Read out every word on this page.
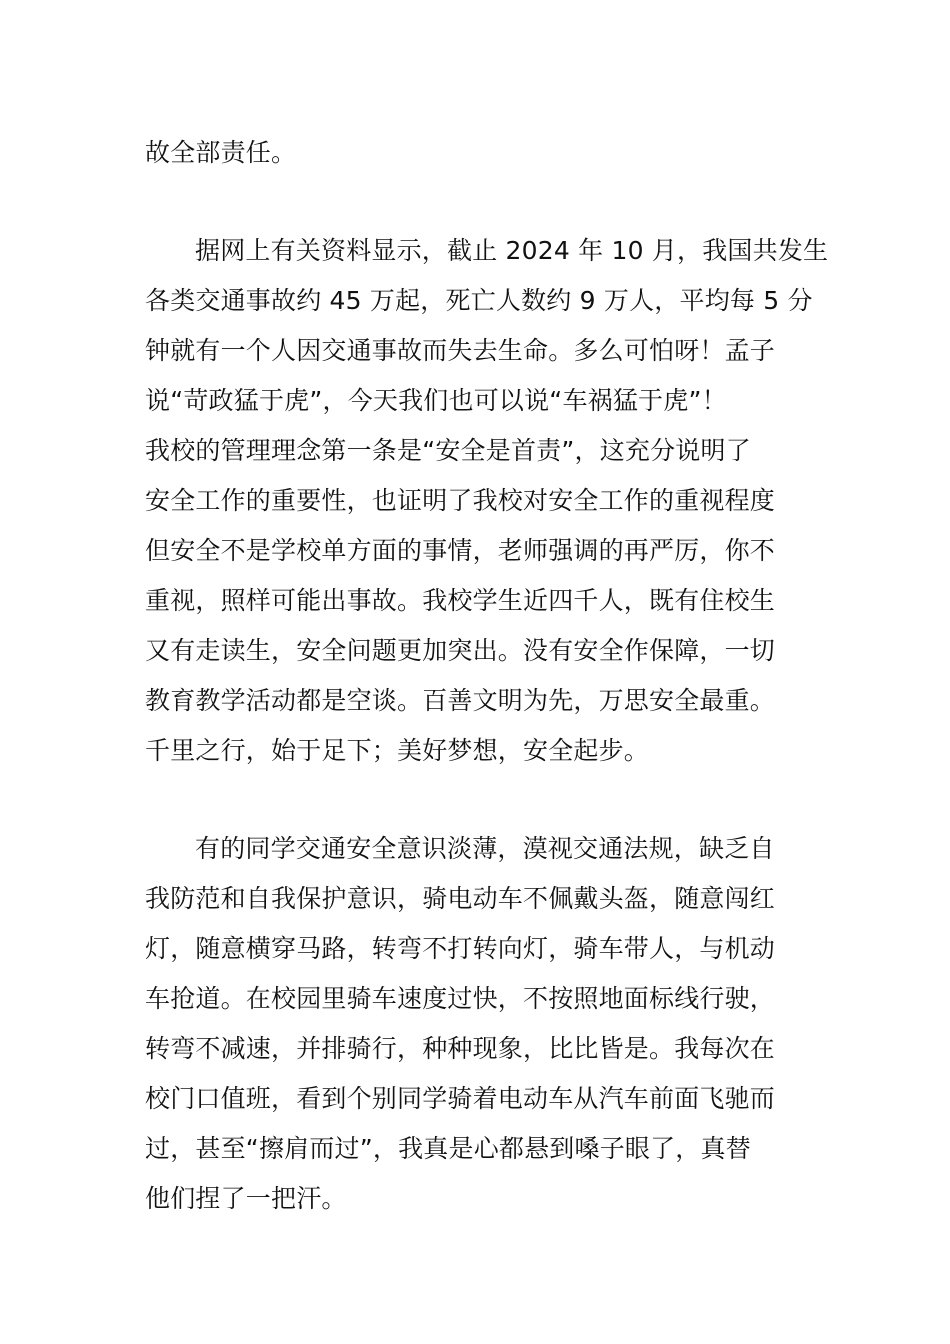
故全部责任。
据网上有关资料显示，截止 2024 年 10 月，我国共发生
各类交通事故约 45 万起，死亡人数约 9 万人，平均每 5 分
钟就有一个人因交通事故而失去生命。多么可怕呀！孟子
说“苛政猛于虎”，今天我们也可以说“车祸猛于虎”！
我校的管理理念第一条是“安全是首责”，这充分说明了
安全工作的重要性，也证明了我校对安全工作的重视程度
但安全不是学校单方面的事情，老师强调的再严厉，你不
重视，照样可能出事故。我校学生近四千人，既有住校生
又有走读生，安全问题更加突出。没有安全作保障，一切
教育教学活动都是空谈。百善文明为先，万思安全最重。
千里之行，始于足下；美好梦想，安全起步。
有的同学交通安全意识淡薄，漠视交通法规，缺乏自
我防范和自我保护意识，骑电动车不佩戴头盔，随意闯红
灯，随意横穿马路，转弯不打转向灯，骑车带人，与机动
车抢道。在校园里骑车速度过快，不按照地面标线行驶，
转弯不减速，并排骑行，种种现象，比比皆是。我每次在
校门口值班，看到个别同学骑着电动车从汽车前面飞驰而
过，甚至“擦肩而过”，我真是心都悬到嗓子眼了，真替
他们捏了一把汗。
